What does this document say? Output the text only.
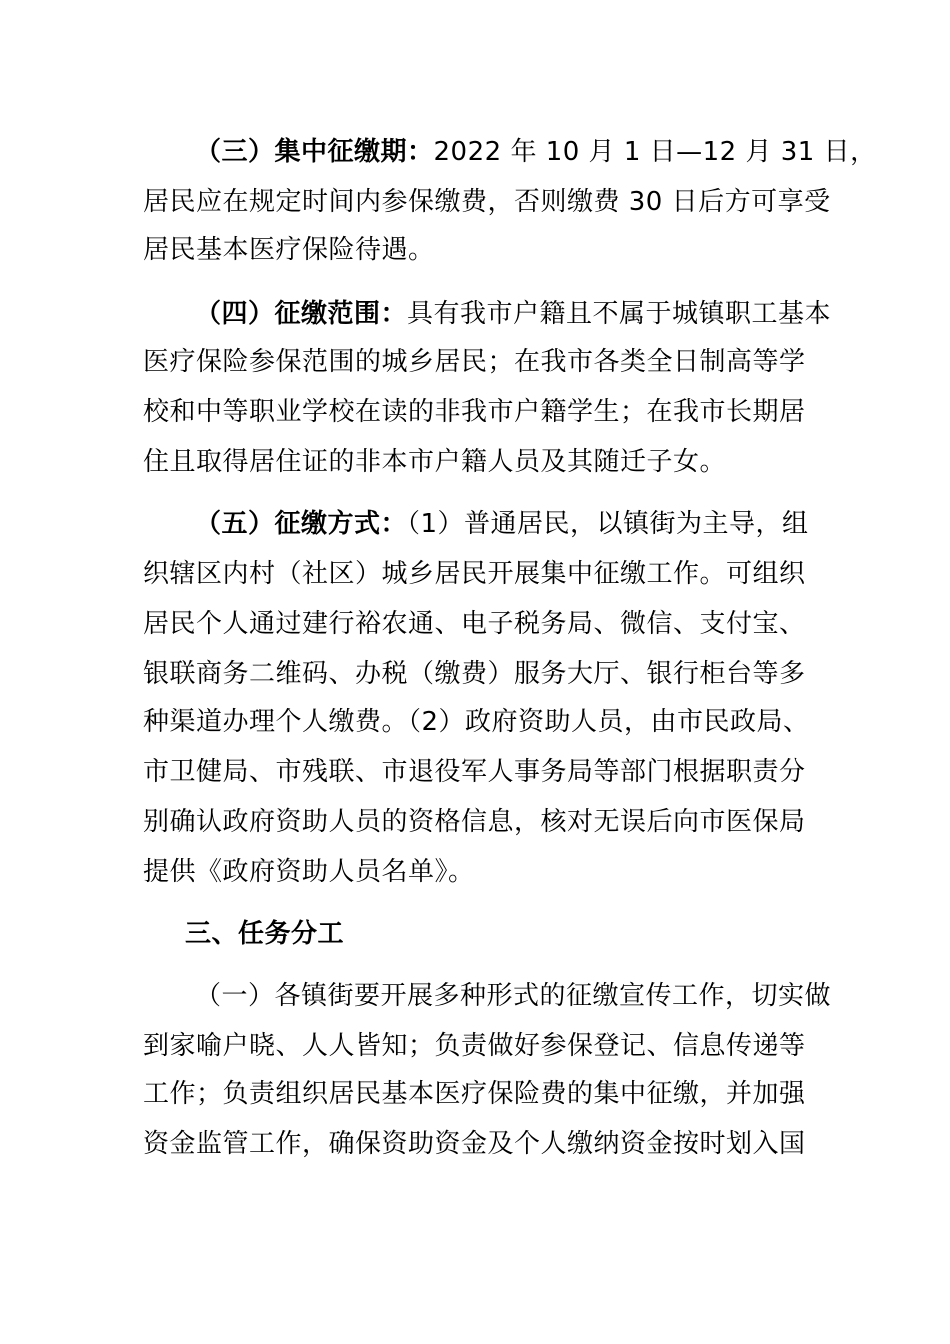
（三）集中征缴期：2022 年 10 月 1 日—12 月 31 日，
居民应在规定时间内参保缴费，否则缴费 30 日后方可享受
居民基本医疗保险待遇。
（四）征缴范围：具有我市户籍且不属于城镇职工基本
医疗保险参保范围的城乡居民；在我市各类全日制高等学
校和中等职业学校在读的非我市户籍学生；在我市长期居
住且取得居住证的非本市户籍人员及其随迁子女。
（五）征缴方式：（1）普通居民，以镇街为主导，组
织辖区内村（社区）城乡居民开展集中征缴工作。可组织
居民个人通过建行裕农通、电子税务局、微信、支付宝、
银联商务二维码、办税（缴费）服务大厅、银行柜台等多
种渠道办理个人缴费。（2）政府资助人员，由市民政局、
市卫健局、市残联、市退役军人事务局等部门根据职责分
别确认政府资助人员的资格信息，核对无误后向市医保局
提供《政府资助人员名单》。
三、任务分工
（一）各镇街要开展多种形式的征缴宣传工作，切实做
到家喻户晓、人人皆知；负责做好参保登记、信息传递等
工作；负责组织居民基本医疗保险费的集中征缴，并加强
资金监管工作，确保资助资金及个人缴纳资金按时划入国
